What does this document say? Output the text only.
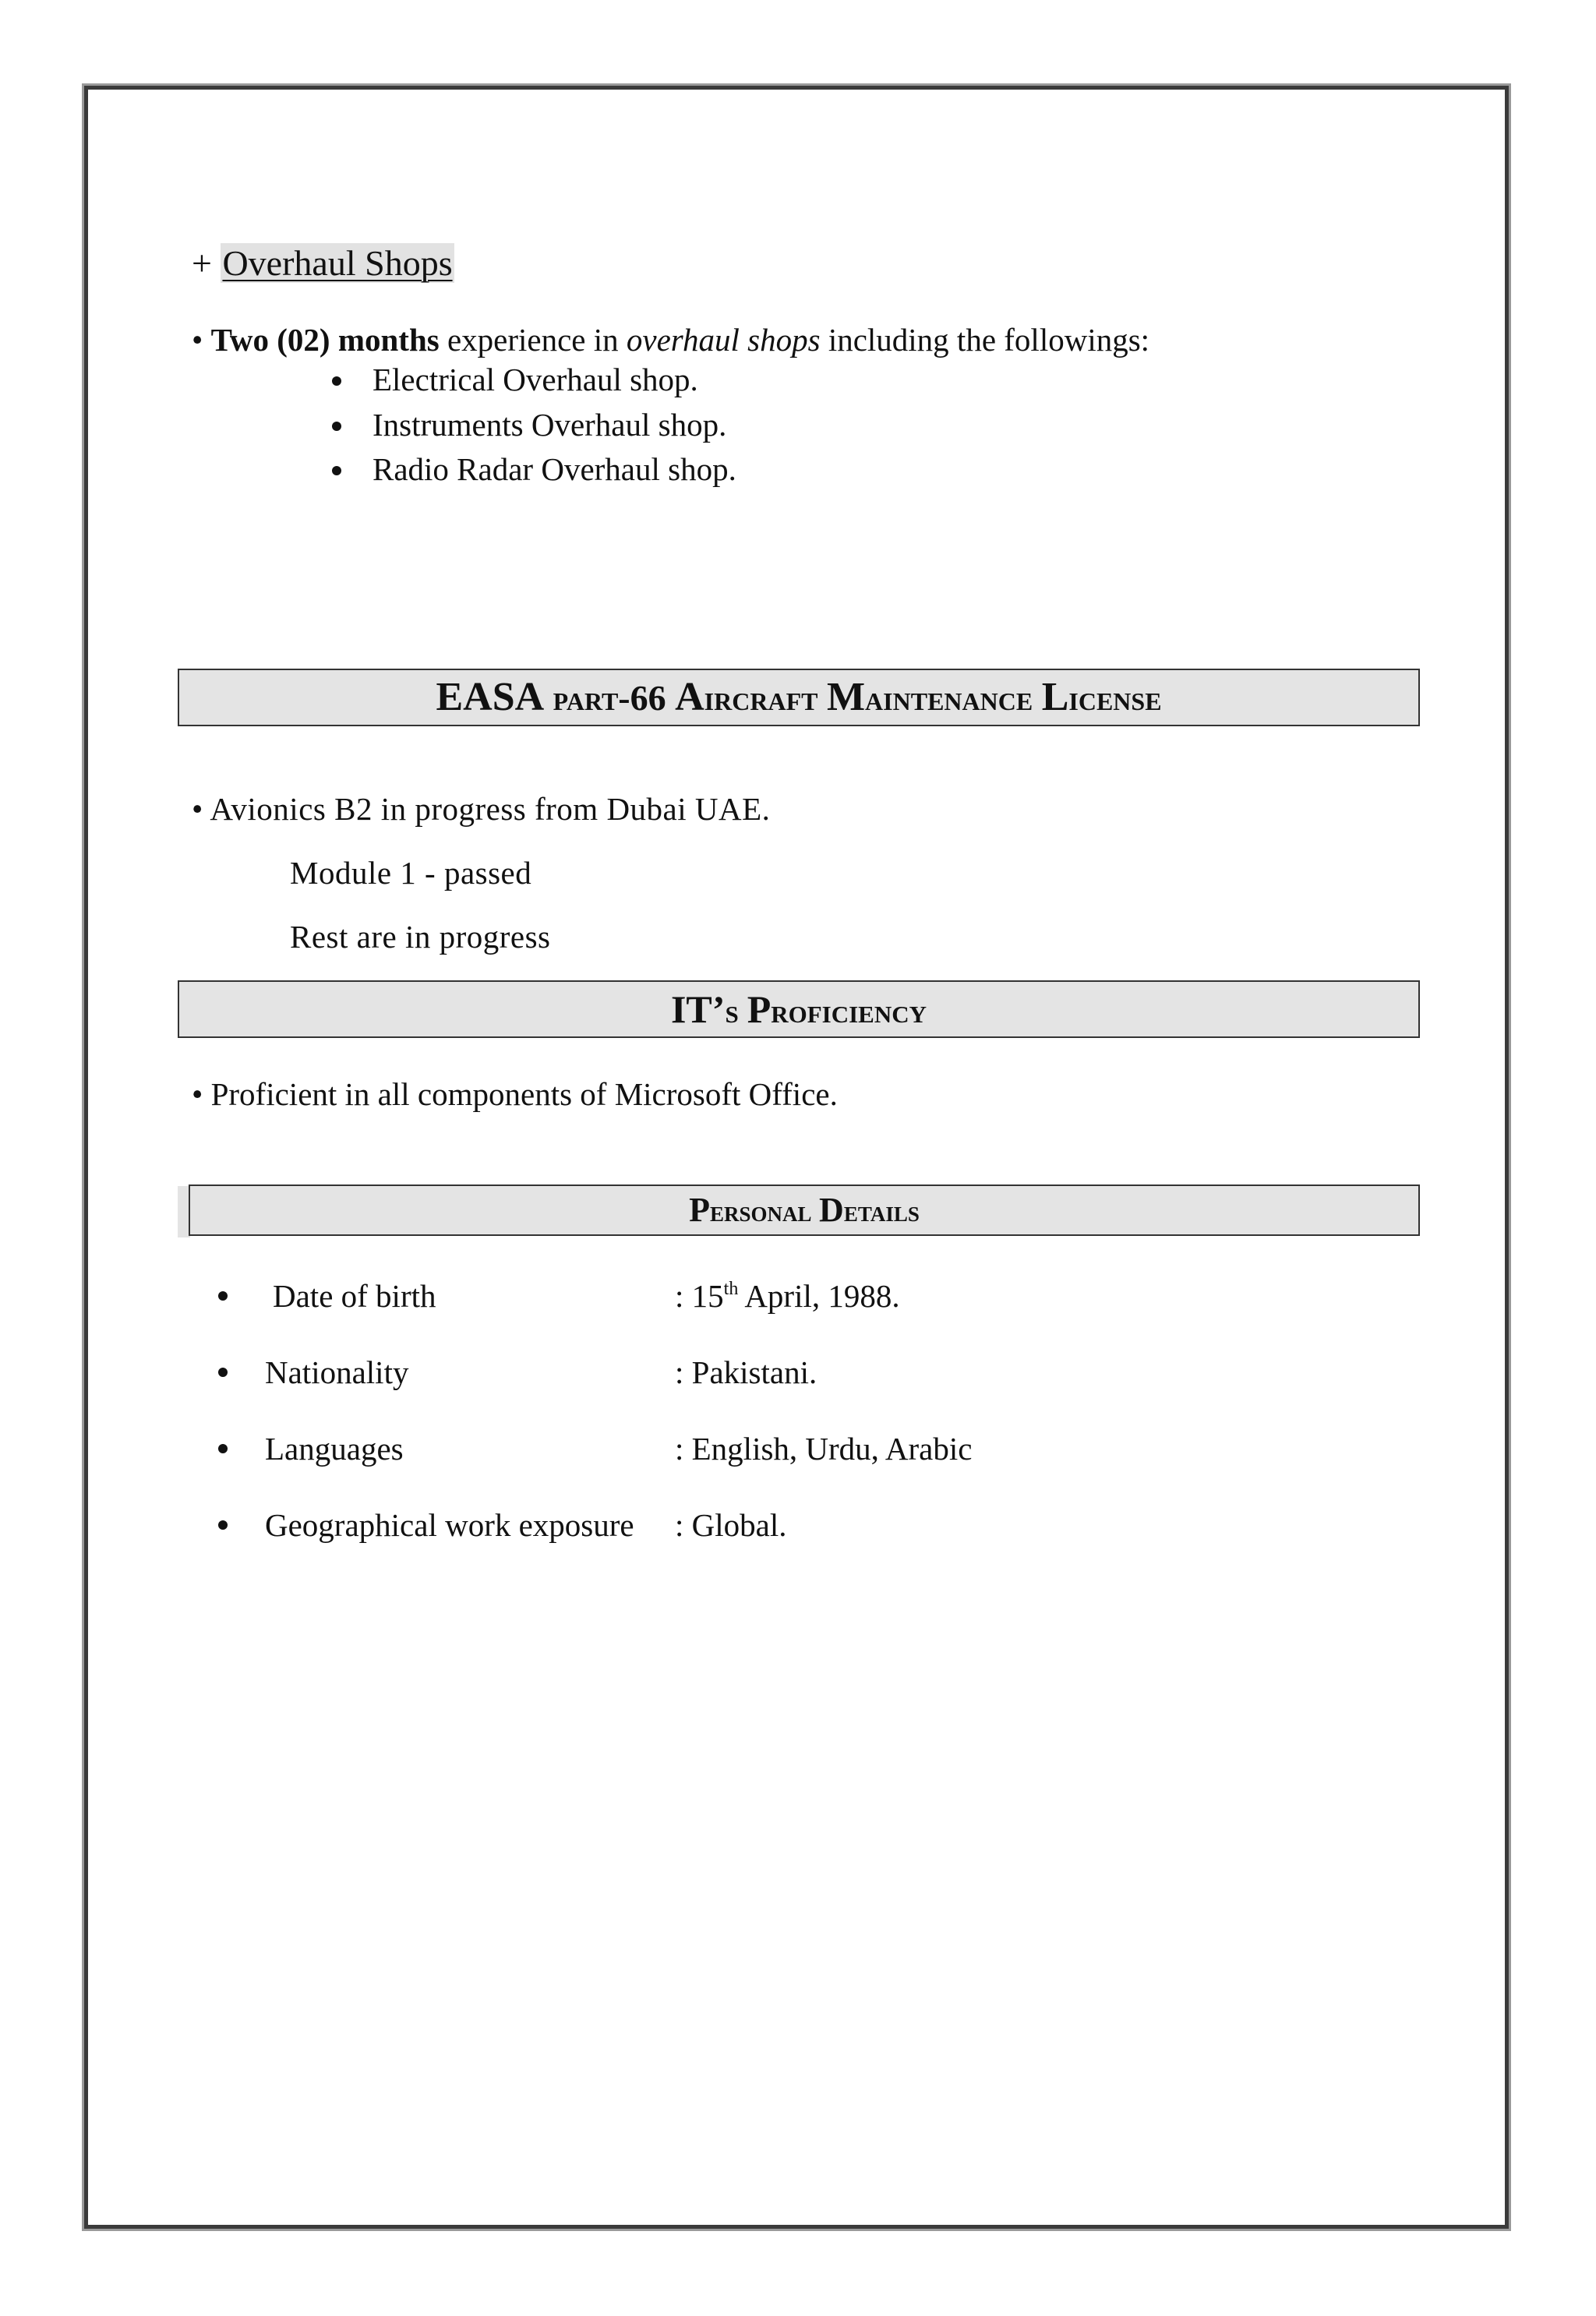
+ Overhaul Shops
• Two (02) months experience in overhaul shops including the followings:
Electrical Overhaul shop.
Instruments Overhaul shop.
Radio Radar Overhaul shop.
EASA part-66 Aircraft Maintenance License
• Avionics B2 in progress from Dubai UAE.
Module 1 - passed
Rest are in progress
IT’s Proficiency
• Proficient in all components of Microsoft Office.
Personal Details
Date of birth	: 15th April, 1988.
Nationality	: Pakistani.
Languages	: English, Urdu, Arabic
Geographical work exposure : Global.
